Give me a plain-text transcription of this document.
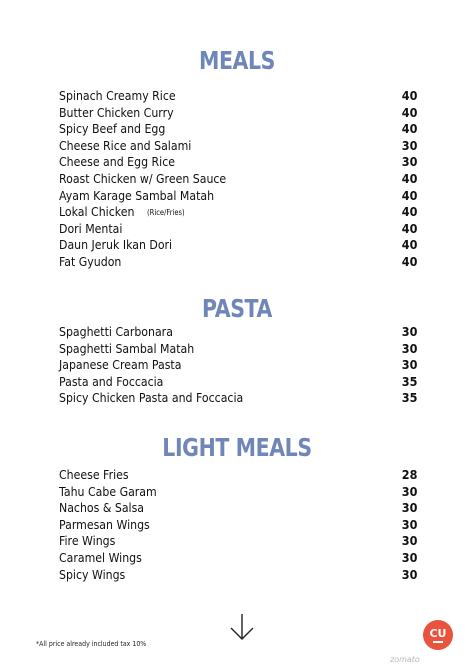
MEALS
Spinach Creamy Rice	40
Butter Chicken Curry	40
Spicy Beef and Egg	40
Cheese Rice and Salami	30
Cheese and Egg Rice	30
Roast Chicken w/ Green Sauce	40
Ayam Karage Sambal Matah	40
Lokal Chicken (Rice/Fries)	40
Dori Mentai	40
Daun Jeruk Ikan Dori	40
Fat Gyudon	40
PASTA
Spaghetti Carbonara	30
Spaghetti Sambal Matah	30
Japanese Cream Pasta	30
Pasta and Foccacia	35
Spicy Chicken Pasta and Foccacia	35
LIGHT MEALS
Cheese Fries	28
Tahu Cabe Garam	30
Nachos & Salsa	30
Parmesan Wings	30
Fire Wings	30
Caramel Wings	30
Spicy Wings	30
*All price already included tax 10%
CU
zomato
